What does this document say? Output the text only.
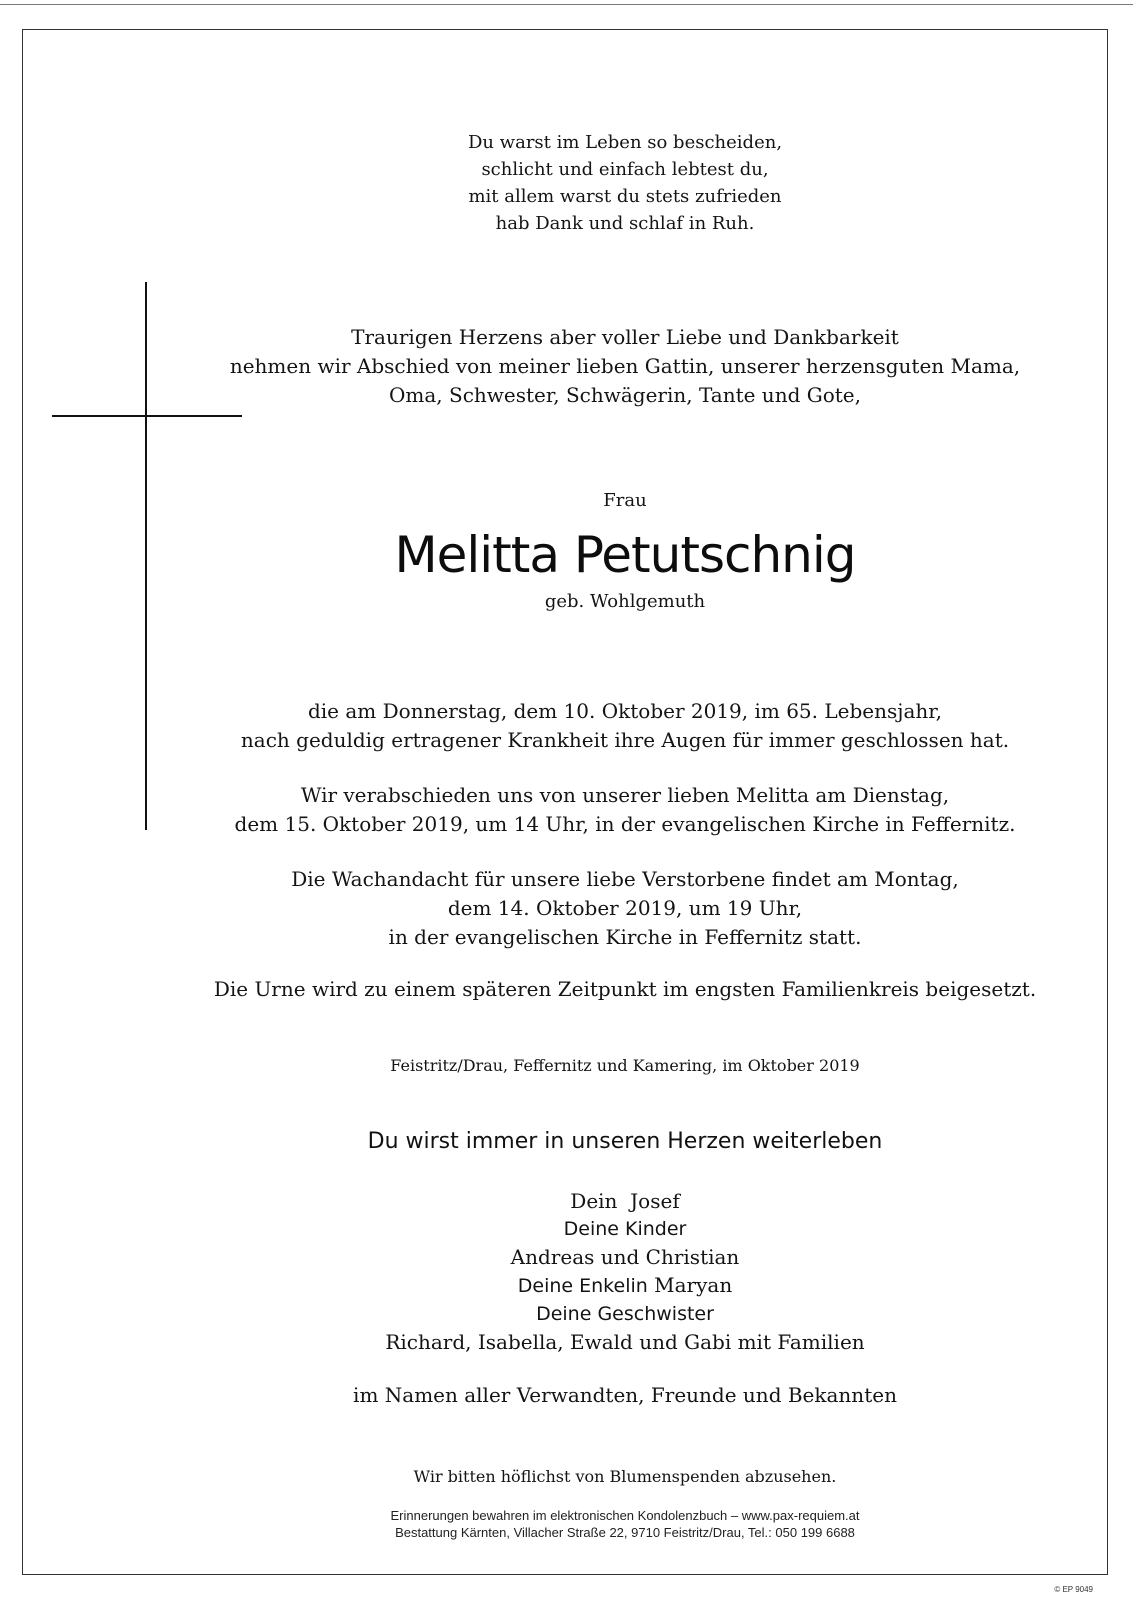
Du warst im Leben so bescheiden,
schlicht und einfach lebtest du,
mit allem warst du stets zufrieden
hab Dank und schlaf in Ruh.
Traurigen Herzens aber voller Liebe und Dankbarkeit
nehmen wir Abschied von meiner lieben Gattin, unserer herzensguten Mama,
Oma, Schwester, Schwägerin, Tante und Gote,
Frau
Melitta Petutschnig
geb. Wohlgemuth
die am Donnerstag, dem 10. Oktober 2019, im 65. Lebensjahr,
nach geduldig ertragener Krankheit ihre Augen für immer geschlossen hat.
Wir verabschieden uns von unserer lieben Melitta am Dienstag,
dem 15. Oktober 2019, um 14 Uhr, in der evangelischen Kirche in Feffernitz.
Die Wachandacht für unsere liebe Verstorbene findet am Montag,
dem 14. Oktober 2019, um 19 Uhr,
in der evangelischen Kirche in Feffernitz statt.
Die Urne wird zu einem späteren Zeitpunkt im engsten Familienkreis beigesetzt.
Feistritz/Drau, Feffernitz und Kamering, im Oktober 2019
Du wirst immer in unseren Herzen weiterleben
Dein Josef
Deine Kinder
Andreas und Christian
Deine Enkelin Maryan
Deine Geschwister
Richard, Isabella, Ewald und Gabi mit Familien
im Namen aller Verwandten, Freunde und Bekannten
Wir bitten höflichst von Blumenspenden abzusehen.
Erinnerungen bewahren im elektronischen Kondolenzbuch – www.pax-requiem.at
Bestattung Kärnten, Villacher Straße 22, 9710 Feistritz/Drau, Tel.: 050 199 6688
© EP 9049
